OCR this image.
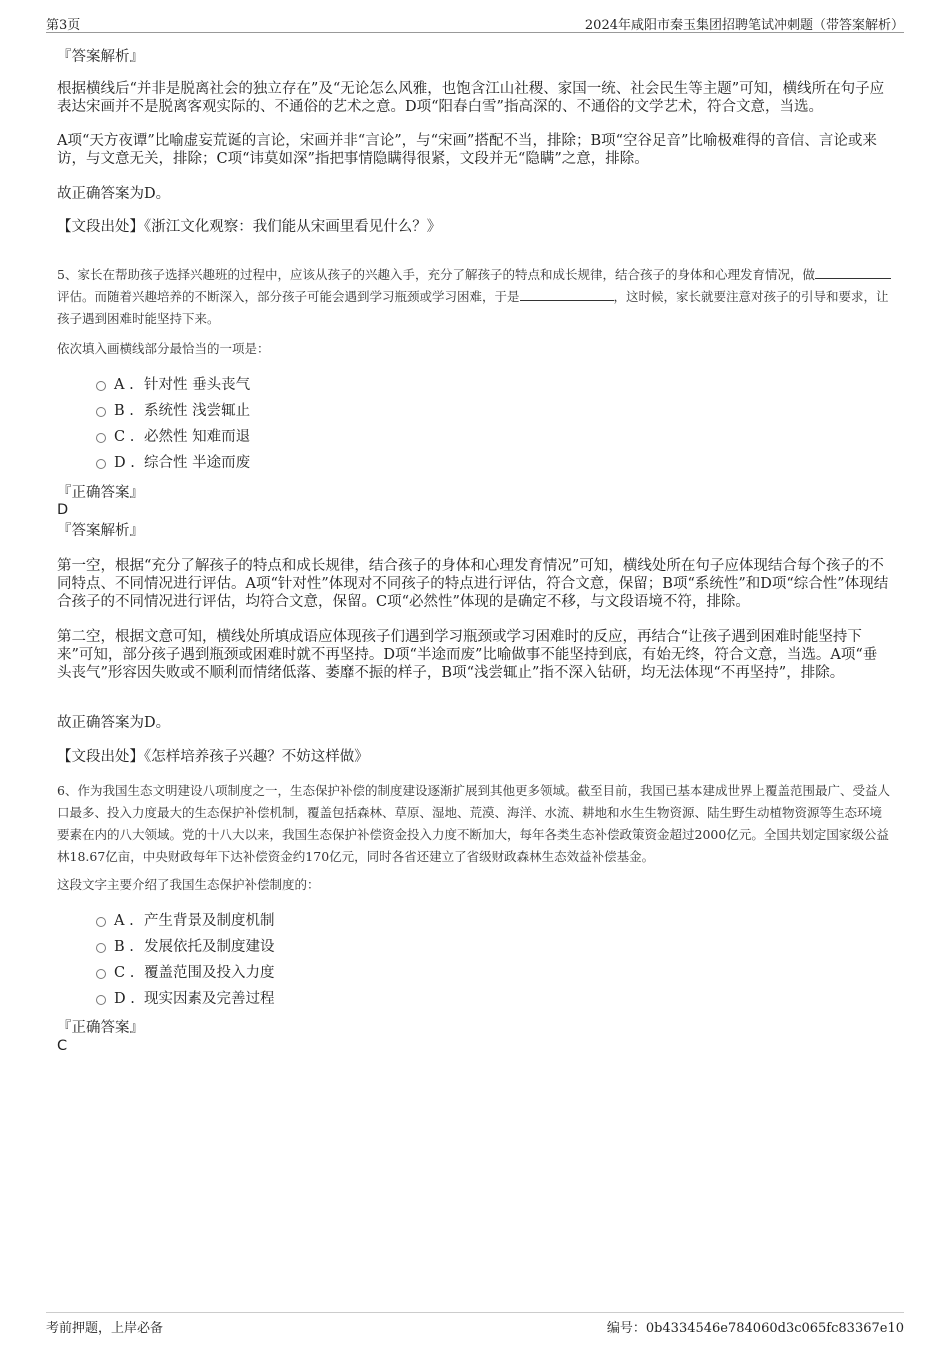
第3页	2024年咸阳市秦玉集团招聘笔试冲刺题（带答案解析）

『答案解析』

根据横线后“并非是脱离社会的独立存在”及“无论怎么风雅，也饱含江山社稷、家国一统、社会民生等主题”可知，横线所在句子应表达宋画并不是脱离客观实际的、不通俗的艺术之意。D项“阳春白雪”指高深的、不通俗的文学艺术，符合文意，当选。

A项“天方夜谭”比喻虚妄荒诞的言论，宋画并非“言论”，与“宋画”搭配不当，排除；B项“空谷足音”比喻极难得的音信、言论或来访，与文意无关，排除；C项“讳莫如深”指把事情隐瞒得很紧，文段并无“隐瞒”之意，排除。

故正确答案为D。

【文段出处】《浙江文化观察：我们能从宋画里看见什么？》

5、家长在帮助孩子选择兴趣班的过程中，应该从孩子的兴趣入手，充分了解孩子的特点和成长规律，结合孩子的身体和心理发育情况，做评估。而随着兴趣培养的不断深入，部分孩子可能会遇到学习瓶颈或学习困难，于是	，这时候，家长就要注意对孩子的引导和要求，让孩子遇到困难时能坚持下来。

依次填入画横线部分最恰当的一项是：

A . 针对性 垂头丧气
B . 系统性 浅尝辄止
C . 必然性 知难而退
D . 综合性 半途而废

『正确答案』

D

『答案解析』

第一空，根据“充分了解孩子的特点和成长规律，结合孩子的身体和心理发育情况”可知，横线处所在句子应体现结合每个孩子的不同特点、不同情况进行评估。A项“针对性”体现对不同孩子的特点进行评估，符合文意，保留；B项“系统性”和D项“综合性”体现结合孩子的不同情况进行评估，均符合文意，保留。C项“必然性”体现的是确定不移，与文段语境不符，排除。

第二空，根据文意可知，横线处所填成语应体现孩子们遇到学习瓶颈或学习困难时的反应，再结合“让孩子遇到困难时能坚持下来”可知，部分孩子遇到瓶颈或困难时就不再坚持。D项“半途而废”比喻做事不能坚持到底，有始无终，符合文意，当选。A项“垂头丧气”形容因失败或不顺利而情绪低落、萎靡不振的样子，B项“浅尝辄止”指不深入钻研，均无法体现“不再坚持”，排除。

故正确答案为D。

【文段出处】《怎样培养孩子兴趣？不妨这样做》

6、作为我国生态文明建设八项制度之一，生态保护补偿的制度建设逐渐扩展到其他更多领域。截至目前，我国已基本建成世界上覆盖范围最广、受益人口最多、投入力度最大的生态保护补偿机制，覆盖包括森林、草原、湿地、荒漠、海洋、水流、耕地和水生生物资源、陆生野生动植物资源等生态环境要素在内的八大领域。党的十八大以来，我国生态保护补偿资金投入力度不断加大，每年各类生态补偿政策资金超过2000亿元。全国共划定国家级公益林18.67亿亩，中央财政每年下达补偿资金约170亿元，同时各省还建立了省级财政森林生态效益补偿基金。

这段文字主要介绍了我国生态保护补偿制度的：

A . 产生背景及制度机制
B . 发展依托及制度建设
C . 覆盖范围及投入力度
D . 现实因素及完善过程

『正确答案』

C

考前押题，上岸必备	编号：0b4334546e784060d3c065fc83367e10
